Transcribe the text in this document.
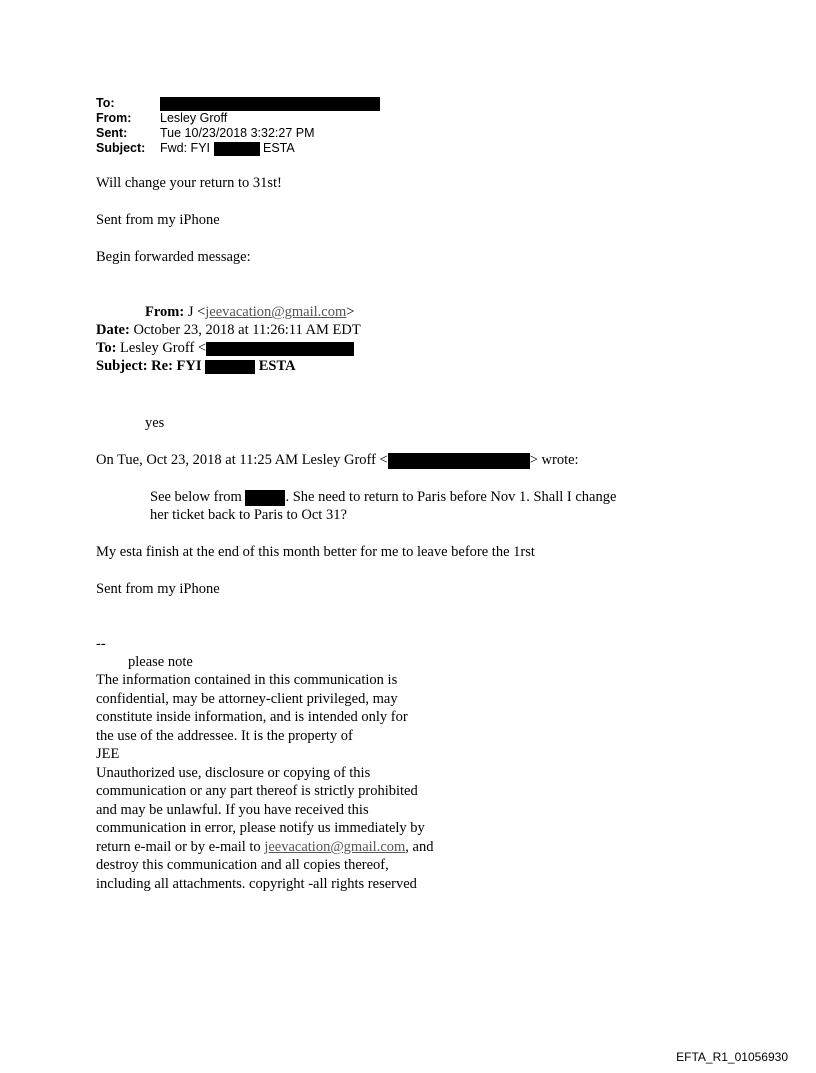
To:
From: Lesley Groff
Sent:	Tue 10/23/2018 3:32:27 PM
Subject: Fwd: FYI	ESTA
Will change your return to 31st!
Sent from my iPhone
Begin forwarded message:
From: J <jeevacation@gmail.com>
Date: October 23, 2018 at 11:26:11 AM EDT
To: Lesley Groff <
Subject: Re: FYI	ESTA
yes
On Tue, Oct 23, 2018 at 11:25 AM Lesley Groff <	> wrote:
See below from	. She need to return to Paris before Nov 1. Shall I change
her ticket back to Paris to Oct 31?
My esta finish at the end of this month better for me to leave before the 1rst
Sent from my iPhone
--
please note
The information contained in this communication is
confidential, may be attorney-client privileged, may
constitute inside information, and is intended only for
the use of the addressee. It is the property of
JEE
Unauthorized use, disclosure or copying of this
communication or any part thereof is strictly prohibited
and may be unlawful. If you have received this
communication in error, please notify us immediately by
return e-mail or by e-mail to jeevacation@gmail.com, and
destroy this communication and all copies thereof,
including all attachments. copyright -all rights reserved
EFTA_R1_01056930
